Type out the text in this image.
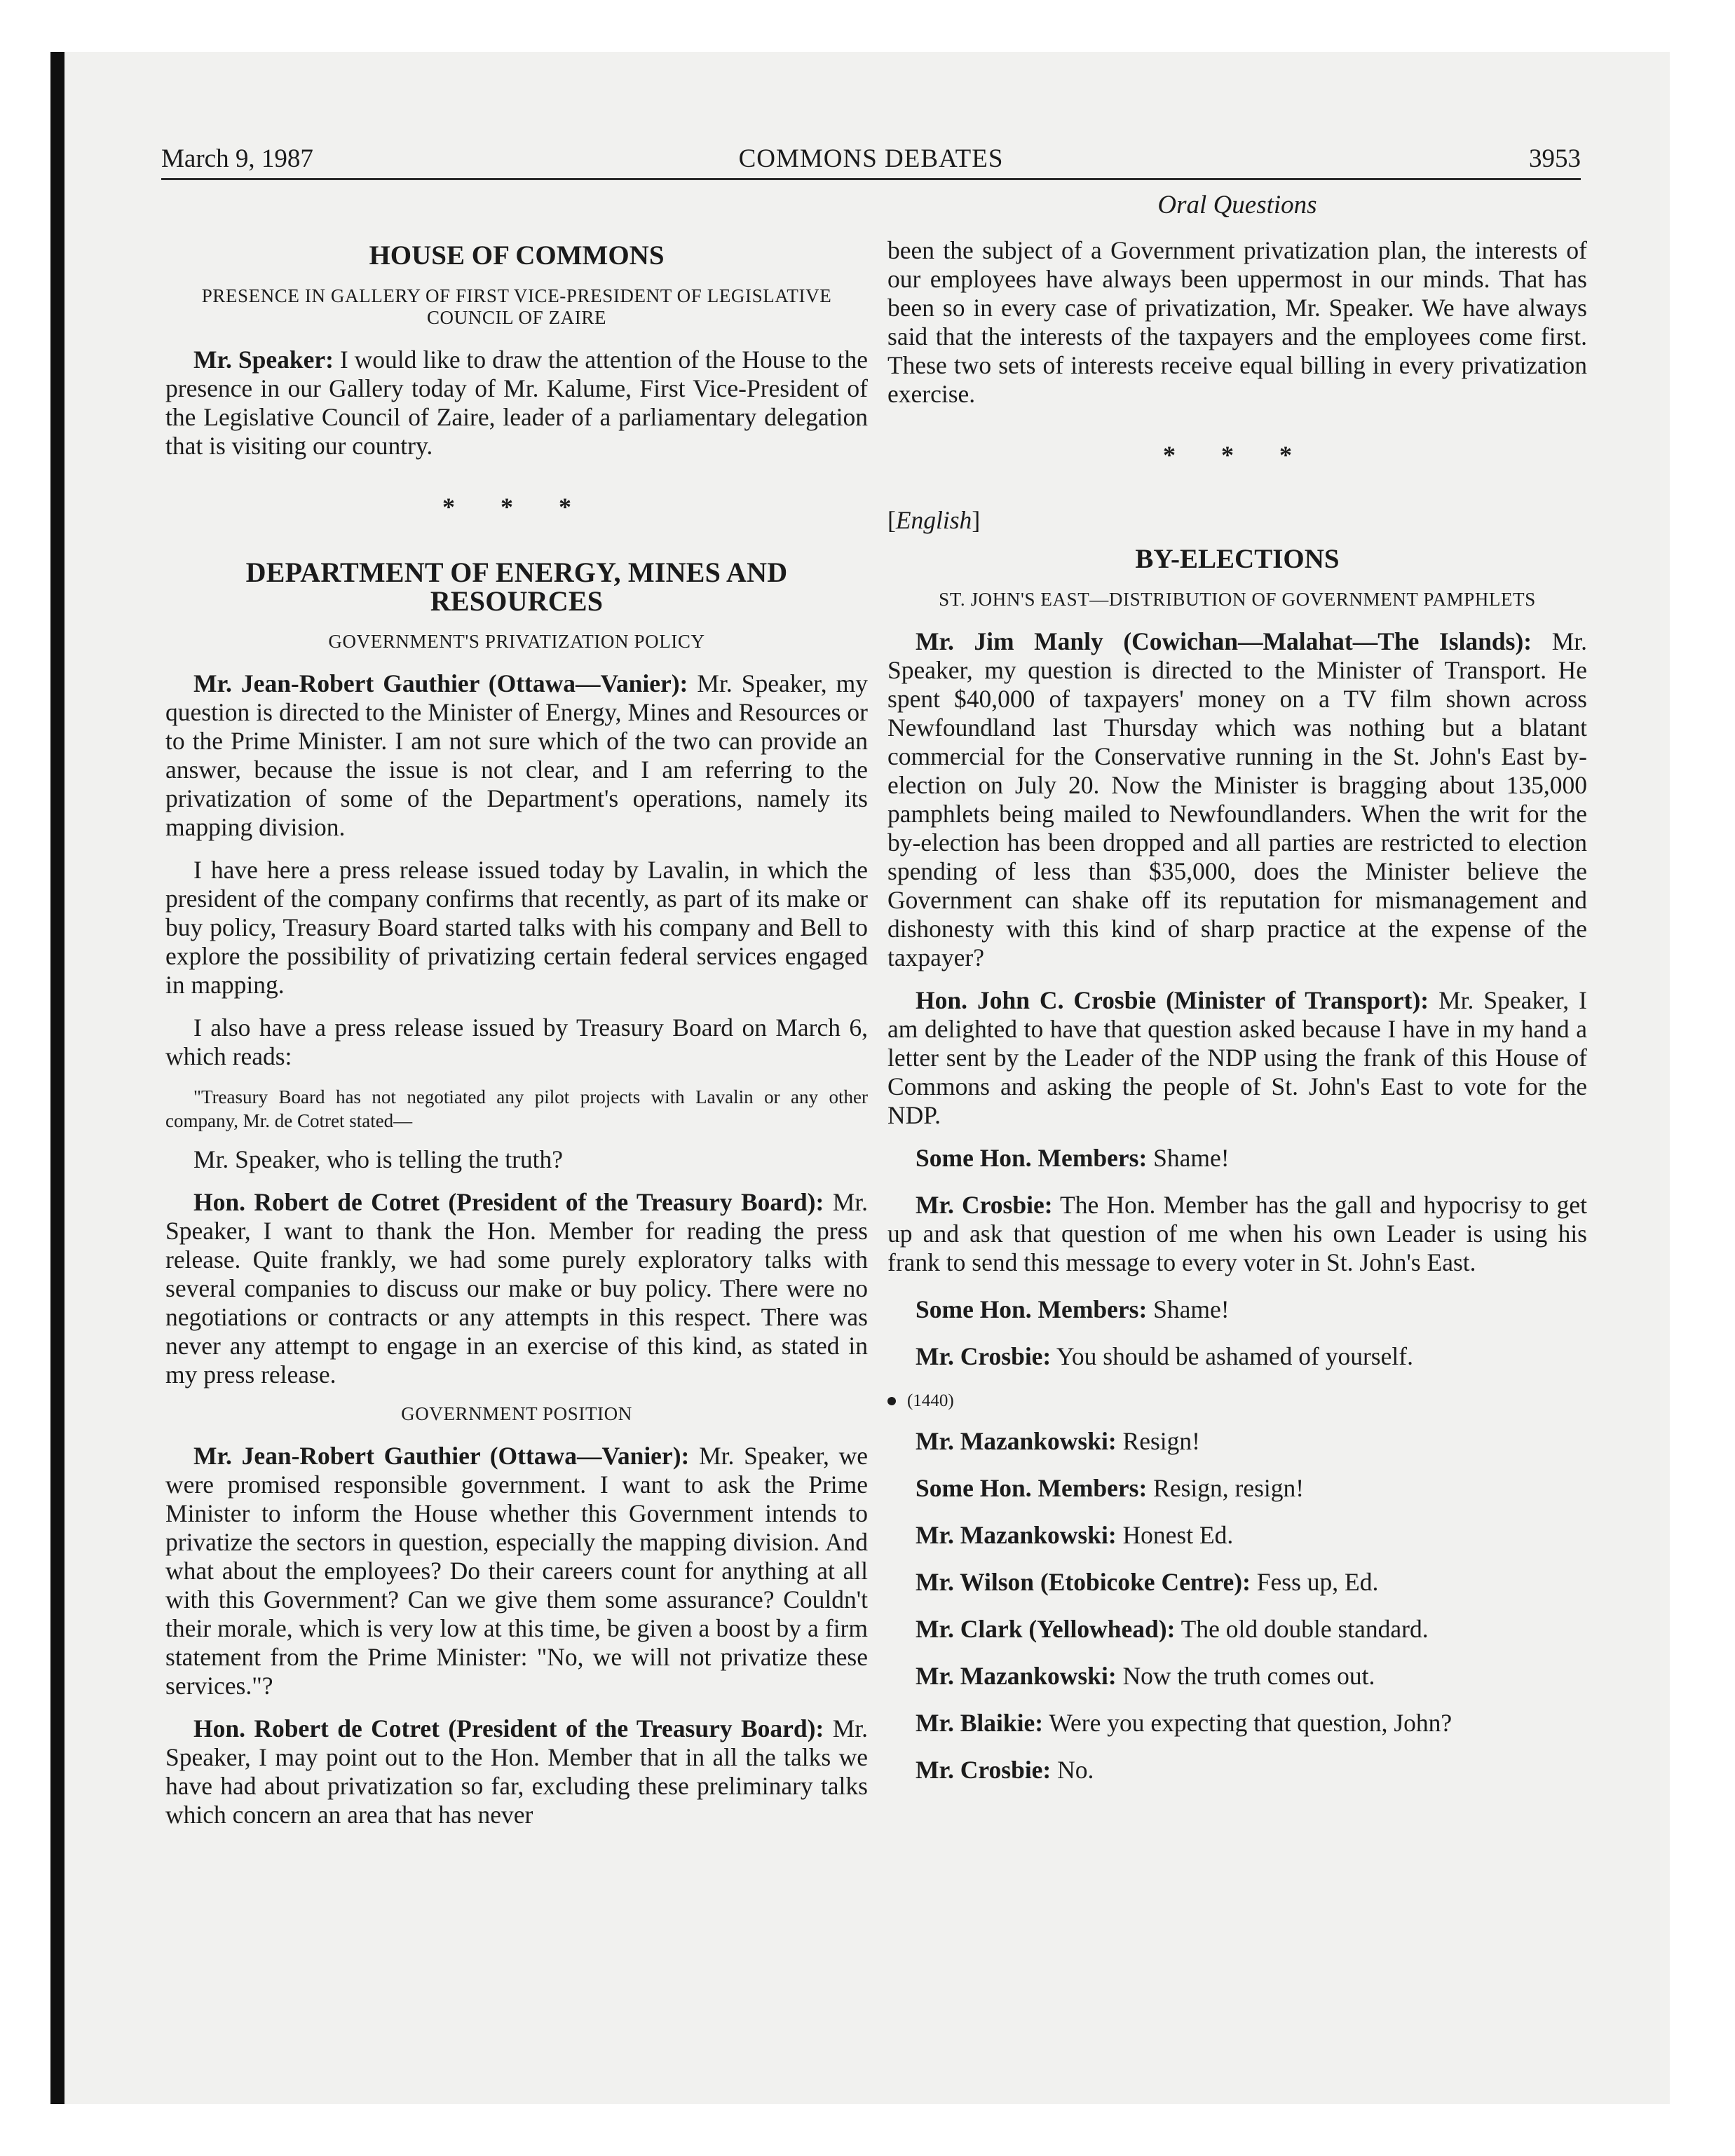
March 9, 1987	COMMONS DEBATES	3953
HOUSE OF COMMONS
PRESENCE IN GALLERY OF FIRST VICE-PRESIDENT OF LEGISLATIVE COUNCIL OF ZAIRE

Mr. Speaker: I would like to draw the attention of the House to the presence in our Gallery today of Mr. Kalume, First Vice-President of the Legislative Council of Zaire, leader of a parliamentary delegation that is visiting our country.

* * *
DEPARTMENT OF ENERGY, MINES AND RESOURCES
GOVERNMENT'S PRIVATIZATION POLICY

Mr. Jean-Robert Gauthier (Ottawa—Vanier): Mr. Speaker, my question is directed to the Minister of Energy, Mines and Resources or to the Prime Minister. I am not sure which of the two can provide an answer, because the issue is not clear, and I am referring to the privatization of some of the Department's operations, namely its mapping division.

I have here a press release issued today by Lavalin, in which the president of the company confirms that recently, as part of its make or buy policy, Treasury Board started talks with his company and Bell to explore the possibility of privatizing certain federal services engaged in mapping.

I also have a press release issued by Treasury Board on March 6, which reads:

"Treasury Board has not negotiated any pilot projects with Lavalin or any other company, Mr. de Cotret stated—

Mr. Speaker, who is telling the truth?

Hon. Robert de Cotret (President of the Treasury Board): Mr. Speaker, I want to thank the Hon. Member for reading the press release. Quite frankly, we had some purely exploratory talks with several companies to discuss our make or buy policy. There were no negotiations or contracts or any attempts in this respect. There was never any attempt to engage in an exercise of this kind, as stated in my press release.

GOVERNMENT POSITION

Mr. Jean-Robert Gauthier (Ottawa—Vanier): Mr. Speaker, we were promised responsible government. I want to ask the Prime Minister to inform the House whether this Government intends to privatize the sectors in question, especially the mapping division. And what about the employees? Do their careers count for anything at all with this Government? Can we give them some assurance? Couldn't their morale, which is very low at this time, be given a boost by a firm statement from the Prime Minister: "No, we will not privatize these services."?

Hon. Robert de Cotret (President of the Treasury Board): Mr. Speaker, I may point out to the Hon. Member that in all the talks we have had about privatization so far, excluding these preliminary talks which concern an area that has never

Oral Questions

been the subject of a Government privatization plan, the interests of our employees have always been uppermost in our minds. That has been so in every case of privatization, Mr. Speaker. We have always said that the interests of the taxpayers and the employees come first. These two sets of interests receive equal billing in every privatization exercise.

* * *
[English]
BY-ELECTIONS
ST. JOHN'S EAST—DISTRIBUTION OF GOVERNMENT PAMPHLETS

Mr. Jim Manly (Cowichan—Malahat—The Islands): Mr. Speaker, my question is directed to the Minister of Transport. He spent $40,000 of taxpayers' money on a TV film shown across Newfoundland last Thursday which was nothing but a blatant commercial for the Conservative running in the St. John's East by-election on July 20. Now the Minister is bragging about 135,000 pamphlets being mailed to Newfoundlanders. When the writ for the by-election has been dropped and all parties are restricted to election spending of less than $35,000, does the Minister believe the Government can shake off its reputation for mismanagement and dishonesty with this kind of sharp practice at the expense of the taxpayer?

Hon. John C. Crosbie (Minister of Transport): Mr. Speaker, I am delighted to have that question asked because I have in my hand a letter sent by the Leader of the NDP using the frank of this House of Commons and asking the people of St. John's East to vote for the NDP.

Some Hon. Members: Shame!

Mr. Crosbie: The Hon. Member has the gall and hypocrisy to get up and ask that question of me when his own Leader is using his frank to send this message to every voter in St. John's East.

Some Hon. Members: Shame!

Mr. Crosbie: You should be ashamed of yourself.

(1440)

Mr. Mazankowski: Resign!

Some Hon. Members: Resign, resign!

Mr. Mazankowski: Honest Ed.

Mr. Wilson (Etobicoke Centre): Fess up, Ed.

Mr. Clark (Yellowhead): The old double standard.

Mr. Mazankowski: Now the truth comes out.

Mr. Blaikie: Were you expecting that question, John?

Mr. Crosbie: No.
